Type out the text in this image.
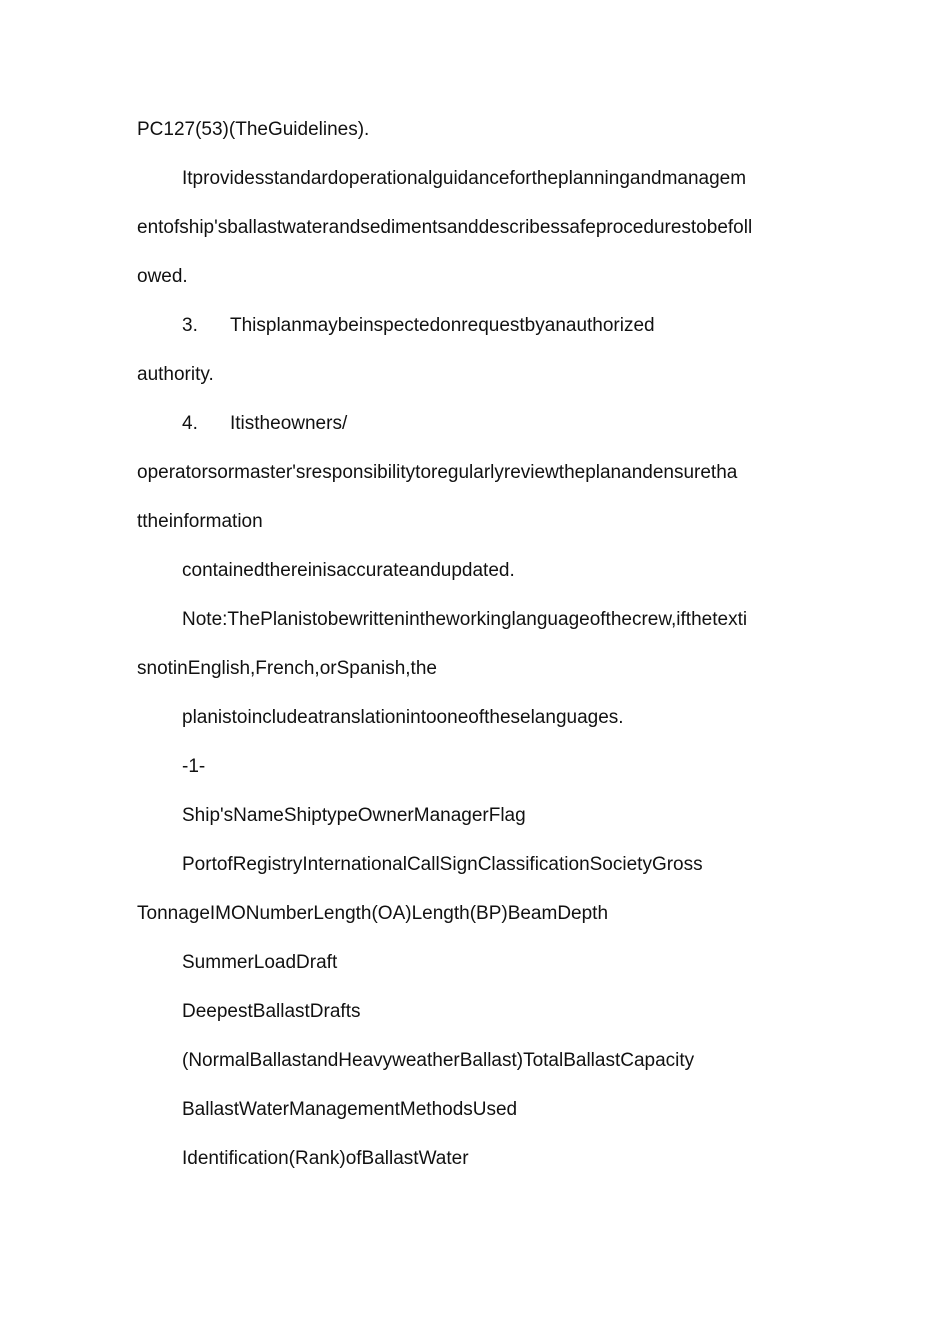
PC127(53)(TheGuidelines).
Itprovidesstandardoperationalguidancefortheplanningandmanagem
entofship'sballastwaterandsedimentsanddescribessafeprocedurestobefoll
owed.
3. Thisplanmaybeinspectedonrequestbyanauthorized
authority.
4. Itistheowners/
operatorsormaster'sresponsibilitytoregularlyreviewtheplanandensuretha
ttheinformation
containedthereinisaccurateandupdated.
Note:ThePlanistobewrittenintheworkinglanguageofthecrew,ifthetexti
snotinEnglish,French,orSpanish,the
planistoincludeatranslationintooneoftheselanguages.
-1-
Ship'sNameShiptypeOwnerManagerFlag
PortofRegistryInternationalCallSignClassificationSocietyGross
TonnageIMONumberLength(OA)Length(BP)BeamDepth
SummerLoadDraft
DeepestBallastDrafts
(NormalBallastandHeavyweatherBallast)TotalBallastCapacity
BallastWaterManagementMethodsUsed
Identification(Rank)ofBallastWater
